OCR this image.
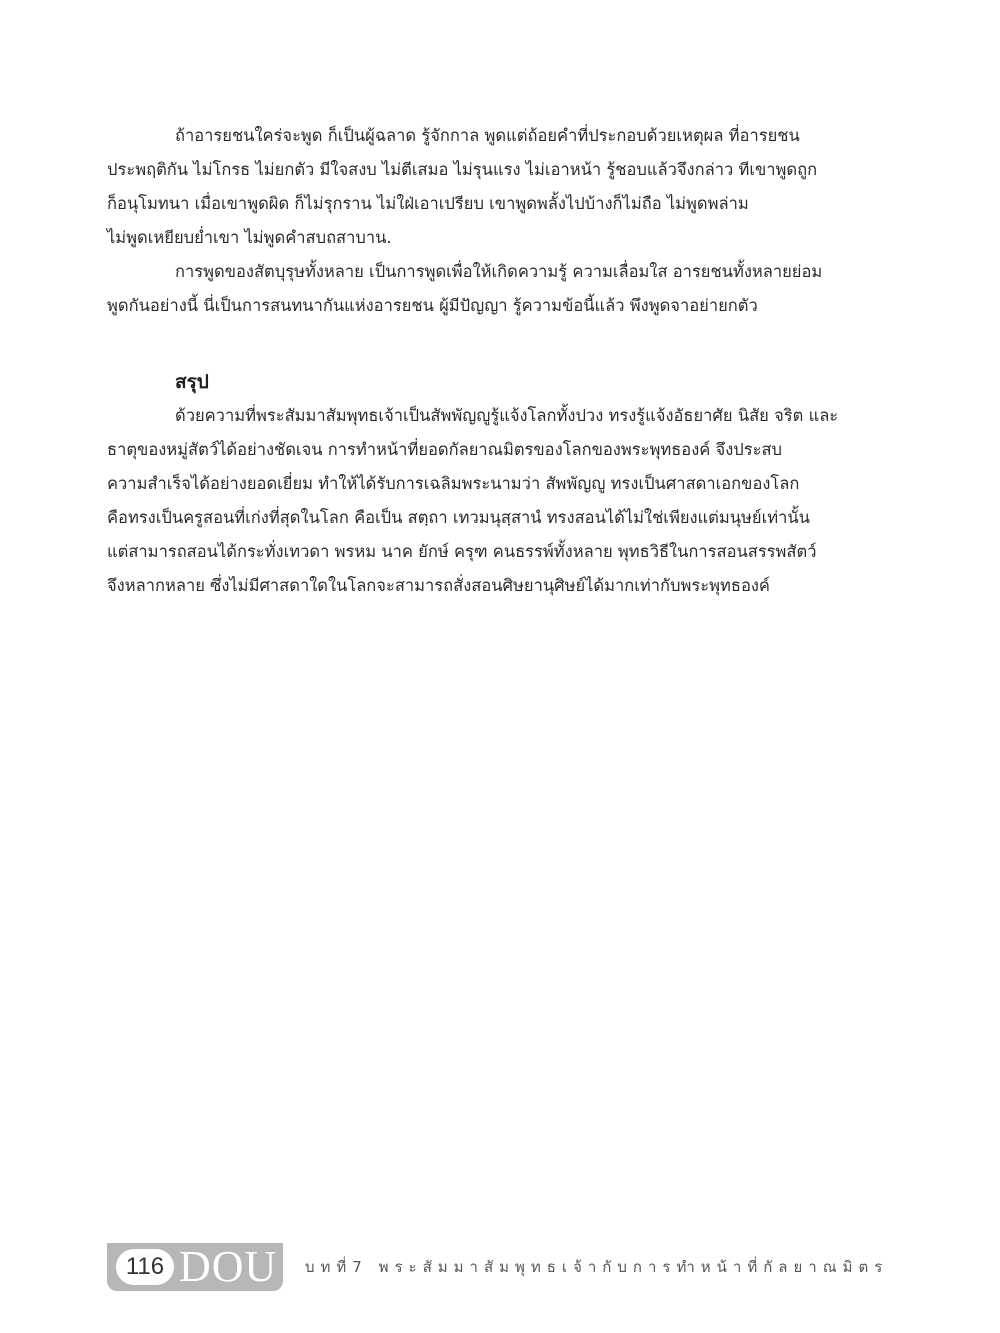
ถ้าอารยชนใคร่จะพูด ก็เป็นผู้ฉลาด รู้จักกาล พูดแต่ถ้อยคำที่ประกอบด้วยเหตุผล ที่อารยชน
ประพฤติกัน ไม่โกรธ ไม่ยกตัว มีใจสงบ ไม่ตีเสมอ ไม่รุนแรง ไม่เอาหน้า รู้ชอบแล้วจึงกล่าว ทีเขาพูดถูก
ก็อนุโมทนา เมื่อเขาพูดผิด ก็ไม่รุกราน ไม่ใฝ่เอาเปรียบ เขาพูดพลั้งไปบ้างก็ไม่ถือ ไม่พูดพล่าม
ไม่พูดเหยียบย่ำเขา ไม่พูดคำสบถสาบาน.

การพูดของสัตบุรุษทั้งหลาย เป็นการพูดเพื่อให้เกิดความรู้ ความเลื่อมใส อารยชนทั้งหลายย่อม
พูดกันอย่างนี้ นี่เป็นการสนทนากันแห่งอารยชน ผู้มีปัญญา รู้ความข้อนี้แล้ว พึงพูดจาอย่ายกตัว

สรุป

ด้วยความที่พระสัมมาสัมพุทธเจ้าเป็นสัพพัญญูรู้แจ้งโลกทั้งปวง ทรงรู้แจ้งอัธยาศัย นิสัย จริต และ
ธาตุของหมู่สัตว์ได้อย่างชัดเจน การทำหน้าที่ยอดกัลยาณมิตรของโลกของพระพุทธองค์ จึงประสบ
ความสำเร็จได้อย่างยอดเยี่ยม ทำให้ได้รับการเฉลิมพระนามว่า สัพพัญญู ทรงเป็นศาสดาเอกของโลก
คือทรงเป็นครูสอนที่เก่งที่สุดในโลก คือเป็น สตฺถา เทวมนุสฺสานํ ทรงสอนได้ไม่ใช่เพียงแต่มนุษย์เท่านั้น
แต่สามารถสอนได้กระทั่งเทวดา พรหม นาค ยักษ์ ครุฑ คนธรรพ์ทั้งหลาย พุทธวิธีในการสอนสรรพสัตว์
จึงหลากหลาย ซึ่งไม่มีศาสดาใดในโลกจะสามารถสั่งสอนศิษยานุศิษย์ได้มากเท่ากับพระพุทธองค์

116 DOU บทที่7 พระสัมมาสัมพุทธเจ้ากับการทำหน้าที่กัลยาณมิตร
